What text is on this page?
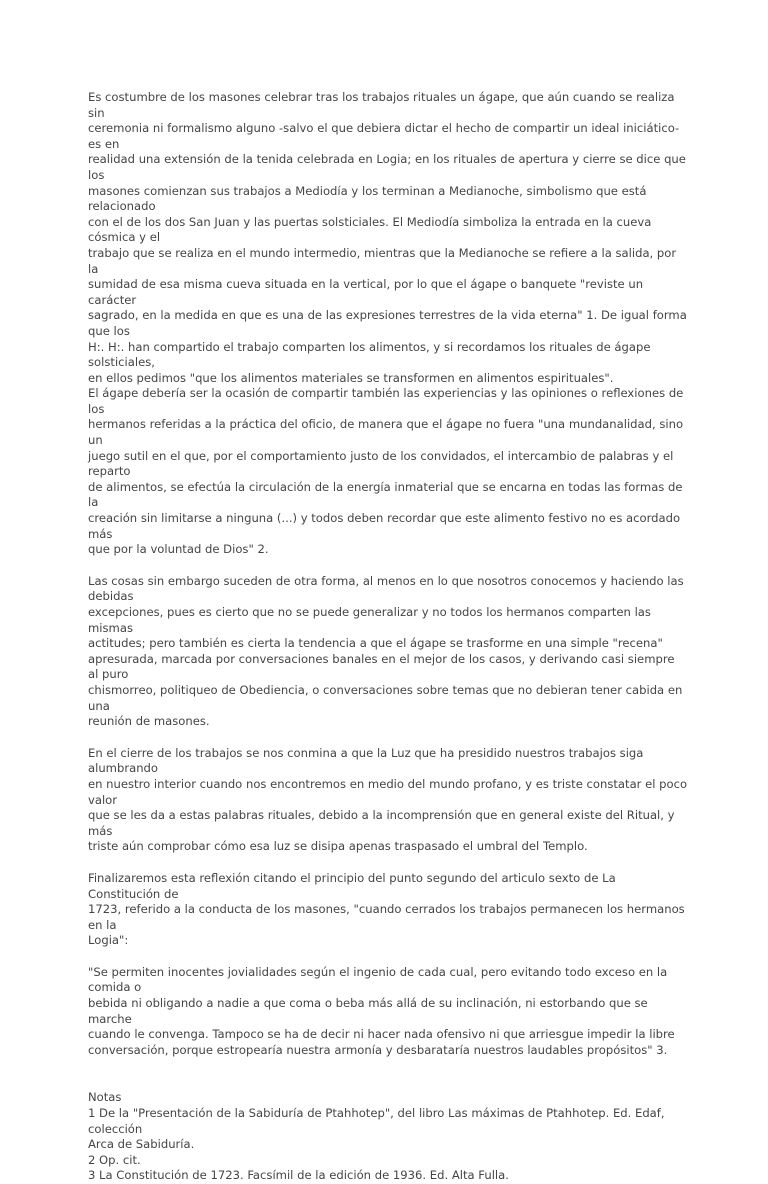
Es costumbre de los masones celebrar tras los trabajos rituales un ágape, que aún cuando se realiza sin
ceremonia ni formalismo alguno -salvo el que debiera dictar el hecho de compartir un ideal iniciático- es en
realidad una extensión de la tenida celebrada en Logia; en los rituales de apertura y cierre se dice que los
masones comienzan sus trabajos a Mediodía y los terminan a Medianoche, simbolismo que está relacionado
con el de los dos San Juan y las puertas solsticiales. El Mediodía simboliza la entrada en la cueva cósmica y el
trabajo que se realiza en el mundo intermedio, mientras que la Medianoche se refiere a la salida, por la
sumidad de esa misma cueva situada en la vertical, por lo que el ágape o banquete "reviste un carácter
sagrado, en la medida en que es una de las expresiones terrestres de la vida eterna" 1. De igual forma que los
H:. H:. han compartido el trabajo comparten los alimentos, y si recordamos los rituales de ágape solsticiales,
en ellos pedimos "que los alimentos materiales se transformen en alimentos espirituales".
El ágape debería ser la ocasión de compartir también las experiencias y las opiniones o reflexiones de los
hermanos referidas a la práctica del oficio, de manera que el ágape no fuera "una mundanalidad, sino un
juego sutil en el que, por el comportamiento justo de los convidados, el intercambio de palabras y el reparto
de alimentos, se efectúa la circulación de la energía inmaterial que se encarna en todas las formas de la
creación sin limitarse a ninguna (...) y todos deben recordar que este alimento festivo no es acordado más
que por la voluntad de Dios" 2.

Las cosas sin embargo suceden de otra forma, al menos en lo que nosotros conocemos y haciendo las debidas
excepciones, pues es cierto que no se puede generalizar y no todos los hermanos comparten las mismas
actitudes; pero también es cierta la tendencia a que el ágape se trasforme en una simple "recena"
apresurada, marcada por conversaciones banales en el mejor de los casos, y derivando casi siempre al puro
chismorreo, politiqueo de Obediencia, o conversaciones sobre temas que no debieran tener cabida en una
reunión de masones.

En el cierre de los trabajos se nos conmina a que la Luz que ha presidido nuestros trabajos siga alumbrando
en nuestro interior cuando nos encontremos en medio del mundo profano, y es triste constatar el poco valor
que se les da a estas palabras rituales, debido a la incomprensión que en general existe del Ritual, y más
triste aún comprobar cómo esa luz se disipa apenas traspasado el umbral del Templo.

Finalizaremos esta reflexión citando el principio del punto segundo del articulo sexto de La Constitución de
1723, referido a la conducta de los masones, "cuando cerrados los trabajos permanecen los hermanos en la
Logia":

"Se permiten inocentes jovialidades según el ingenio de cada cual, pero evitando todo exceso en la comida o
bebida ni obligando a nadie a que coma o beba más allá de su inclinación, ni estorbando que se marche
cuando le convenga. Tampoco se ha de decir ni hacer nada ofensivo ni que arriesgue impedir la libre
conversación, porque estropearía nuestra armonía y desbarataría nuestros laudables propósitos" 3.

Notas

1 De la "Presentación de la Sabiduría de Ptahhotep", del libro Las máximas de Ptahhotep. Ed. Edaf, colección
Arca de Sabiduría.

2 Op. cit.

3 La Constitución de 1723. Facsímil de la edición de 1936. Ed. Alta Fulla.
